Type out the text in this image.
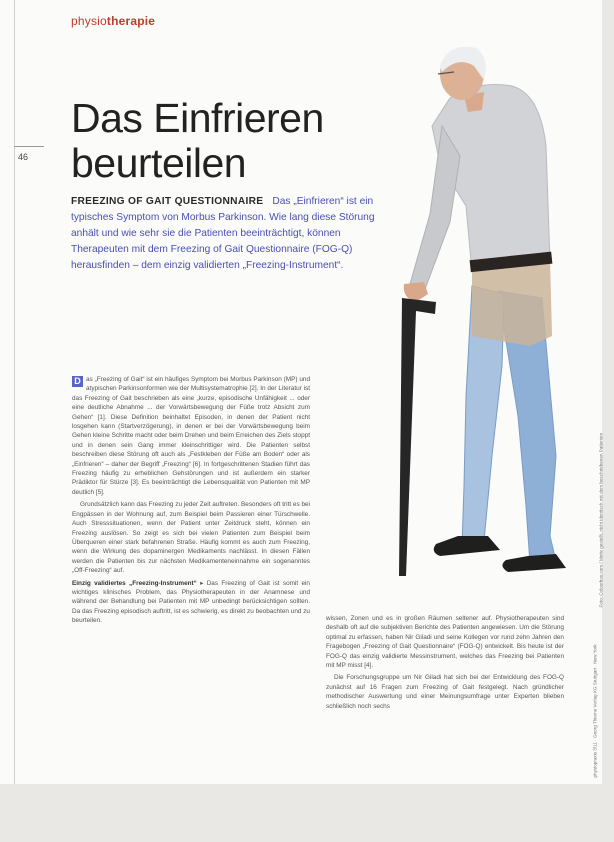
physiotherapie
46
Das Einfrieren
beurteilen

FREEZING OF GAIT QUESTIONNAIRE Das „Einfrieren“ ist ein typisches Symptom von Morbus Parkinson. Wie lang diese Störung anhält und wie sehr sie die Patienten beeinträchtigt, können Therapeuten mit dem Freezing of Gait Questionnaire (FOG-Q) herausfinden – dem einzig validierten „Freezing-Instrument“.

D as „Freezing of Gait“ ist ein häufiges Symptom bei Morbus Parkinson (MP) und atypischen Parkinsonformen wie der Multisystematrophie [2]. In der Literatur ist das Freezing of Gait beschrieben als eine „kurze, episodische Unfähigkeit ... oder eine deutliche Abnahme ... der Vorwärtsbewegung der Füße trotz Absicht zum Gehen“ [1]. Diese Definition beinhaltet Episoden, in denen der Patient nicht losgehen kann (Startverzögerung), in denen er bei der Vorwärtsbewegung beim Gehen kleine Schritte macht oder beim Drehen und beim Erreichen des Ziels stoppt und in denen sein Gang immer kleinschrittiger wird. Die Patienten selbst beschreiben diese Störung oft auch als „Festkleben der Füße am Boden“ oder als „Einfrieren“ – daher der Begriff „Freezing“ [6]. In fortgeschrittenen Stadien führt das Freezing häufig zu erheblichen Gehstörungen und ist außerdem ein starker Prädiktor für Stürze [3]. Es beeinträchtigt die Lebensqualität von Patienten mit MP deutlich [5].

Grundsätzlich kann das Freezing zu jeder Zeit auftreten. Besonders oft tritt es bei Engpässen in der Wohnung auf, zum Beispiel beim Passieren einer Türschwelle. Auch Stresssituationen, wenn der Patient unter Zeitdruck steht, können ein Freezing auslösen. So zeigt es sich bei vielen Patienten zum Beispiel beim Überqueren einer stark befahrenen Straße. Häufig kommt es auch zum Freezing, wenn die Wirkung des dopaminergen Medikaments nachlässt. In diesen Fällen werden die Patienten bis zur nächsten Medikamenteneinnahme ein sogenanntes „Off-Freezing“ auf.

Einzig validiertes „Freezing-Instrument“ ▸ Das Freezing of Gait ist somit ein wichtiges klinisches Problem, das Physiotherapeuten in der Anamnese und während der Behandlung bei Patienten mit MP unbedingt berücksichtigen sollten. Da das Freezing episodisch auftritt, ist es schwierig, es direkt zu beobachten und zu beurteilen.	wissen, Zonen und es in großen Räumen seltener auf. Physiotherapeuten sind deshalb oft auf die subjektiven Berichte des Patienten angewiesen. Um die Störung optimal zu erfassen, haben Nir Giladi und seine Kollegen vor rund zehn Jahren den Fragebogen „Freezing of Gait Questionnaire“ (FOG-Q) entwickelt. Bis heute ist der FOG-Q das einzig validierte Messinstrument, welches das Freezing bei Patienten mit MP misst [4].

Die Forschungsgruppe um Nir Giladi hat sich bei der Entwicklung des FOG-Q zunächst auf 16 Fragen zum Freezing of Gait festgelegt. Nach gründlicher methodischer Auswertung und einer Meinungsumfrage unter Experten blieben schließlich noch sechs

Foto: Colourbox.com / Motiv gestellt, nicht identisch mit dem beschriebenen Patienten
physiopraxis 3/11 · Georg Thieme Verlag KG Stuttgart · New York
